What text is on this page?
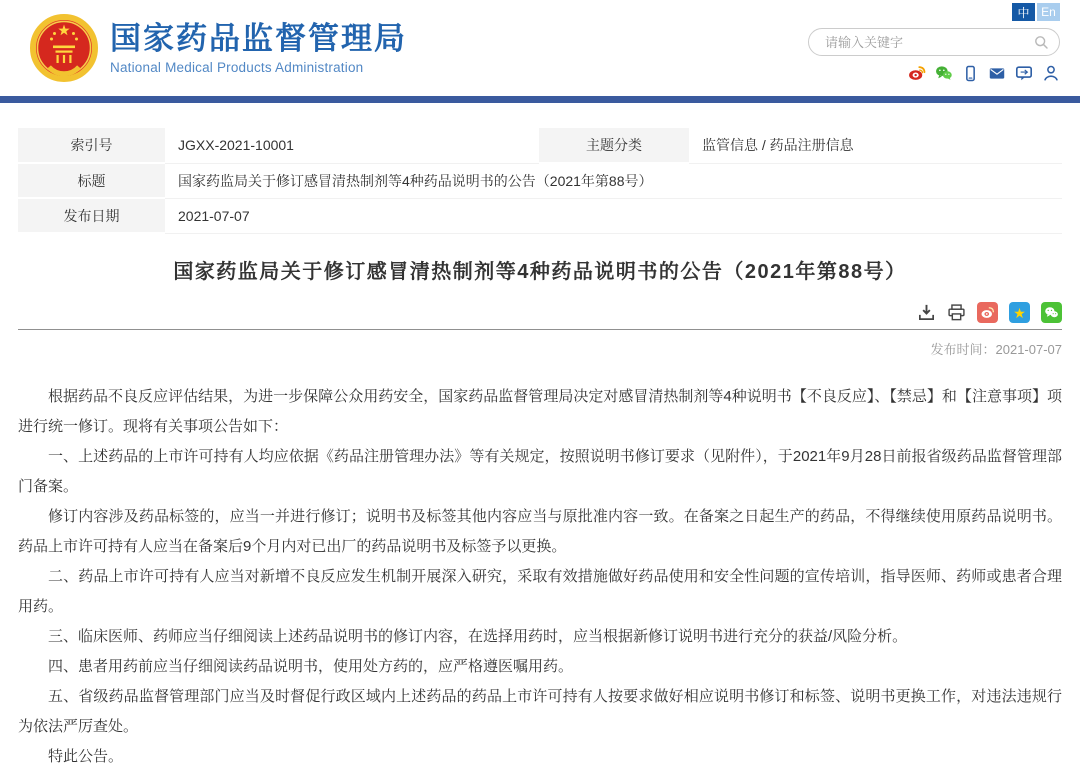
国家药品监督管理局
National Medical Products Administration
中 En
请输入关键字
索引号	JGXX-2021-10001	主题分类	监管信息 / 药品注册信息
标题	国家药监局关于修订感冒清热制剂等4种药品说明书的公告（2021年第88号）		
发布日期	2021-07-07		
国家药监局关于修订感冒清热制剂等4种药品说明书的公告（2021年第88号）
★
发布时间：2021-07-07

根据药品不良反应评估结果，为进一步保障公众用药安全，国家药品监督管理局决定对感冒清热制剂等4种说明书【不良反应】、【禁忌】和【注意事项】项进行统一修订。现将有关事项公告如下：

一、上述药品的上市许可持有人均应依据《药品注册管理办法》等有关规定，按照说明书修订要求（见附件），于2021年9月28日前报省级药品监督管理部门备案。

修订内容涉及药品标签的，应当一并进行修订；说明书及标签其他内容应当与原批准内容一致。在备案之日起生产的药品，不得继续使用原药品说明书。药品上市许可持有人应当在备案后9个月内对已出厂的药品说明书及标签予以更换。

二、药品上市许可持有人应当对新增不良反应发生机制开展深入研究，采取有效措施做好药品使用和安全性问题的宣传培训，指导医师、药师或患者合理用药。

三、临床医师、药师应当仔细阅读上述药品说明书的修订内容，在选择用药时，应当根据新修订说明书进行充分的获益/风险分析。

四、患者用药前应当仔细阅读药品说明书，使用处方药的，应严格遵医嘱用药。

五、省级药品监督管理部门应当及时督促行政区域内上述药品的药品上市许可持有人按要求做好相应说明书修订和标签、说明书更换工作，对违法违规行为依法严厉查处。

特此公告。
